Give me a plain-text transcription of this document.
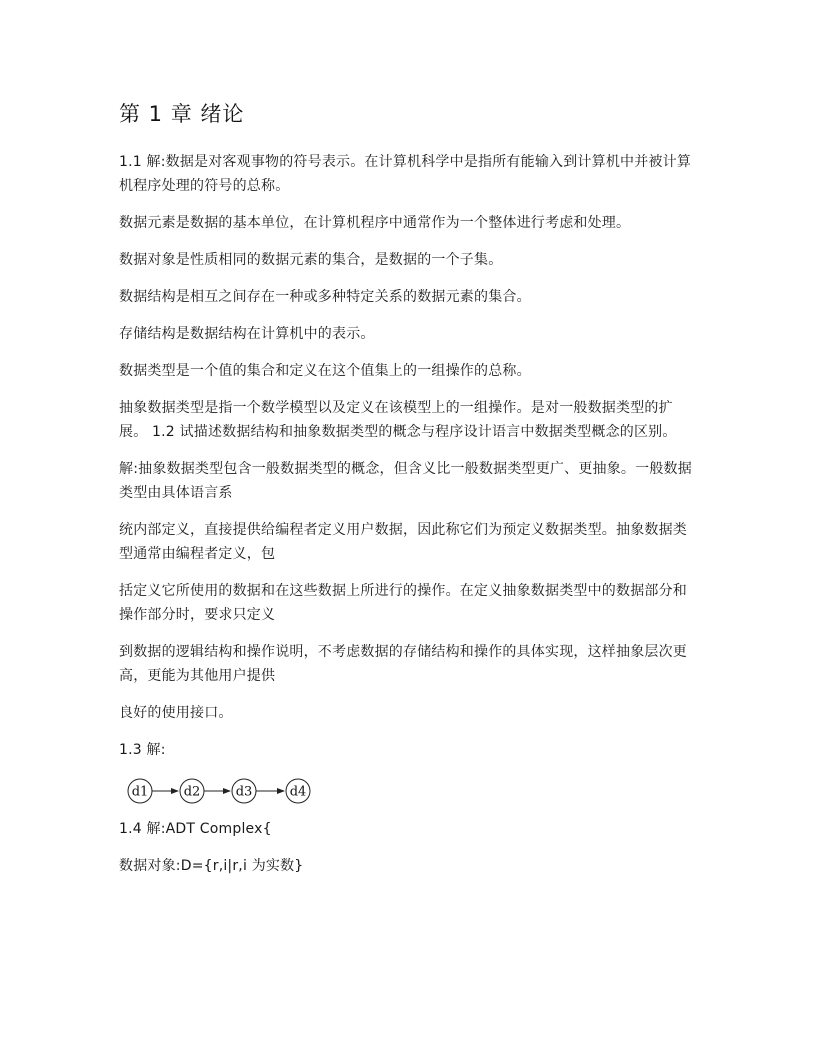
第 1 章 绪论

1.1 解:数据是对客观事物的符号表示。在计算机科学中是指所有能输入到计算机中并被计算机程序处理的符号的总称。

数据元素是数据的基本单位，在计算机程序中通常作为一个整体进行考虑和处理。

数据对象是性质相同的数据元素的集合，是数据的一个子集。

数据结构是相互之间存在一种或多种特定关系的数据元素的集合。

存储结构是数据结构在计算机中的表示。

数据类型是一个值的集合和定义在这个值集上的一组操作的总称。

抽象数据类型是指一个数学模型以及定义在该模型上的一组操作。是对一般数据类型的扩展。 1.2 试描述数据结构和抽象数据类型的概念与程序设计语言中数据类型概念的区别。

解:抽象数据类型包含一般数据类型的概念，但含义比一般数据类型更广、更抽象。一般数据类型由具体语言系

统内部定义，直接提供给编程者定义用户数据，因此称它们为预定义数据类型。抽象数据类型通常由编程者定义，包

括定义它所使用的数据和在这些数据上所进行的操作。在定义抽象数据类型中的数据部分和操作部分时，要求只定义

到数据的逻辑结构和操作说明，不考虑数据的存储结构和操作的具体实现，这样抽象层次更高，更能为其他用户提供

良好的使用接口。

1.3 解:

d1	d2	d3	d4

1.4 解:ADT Complex{

数据对象:D={r,i|r,i 为实数}
